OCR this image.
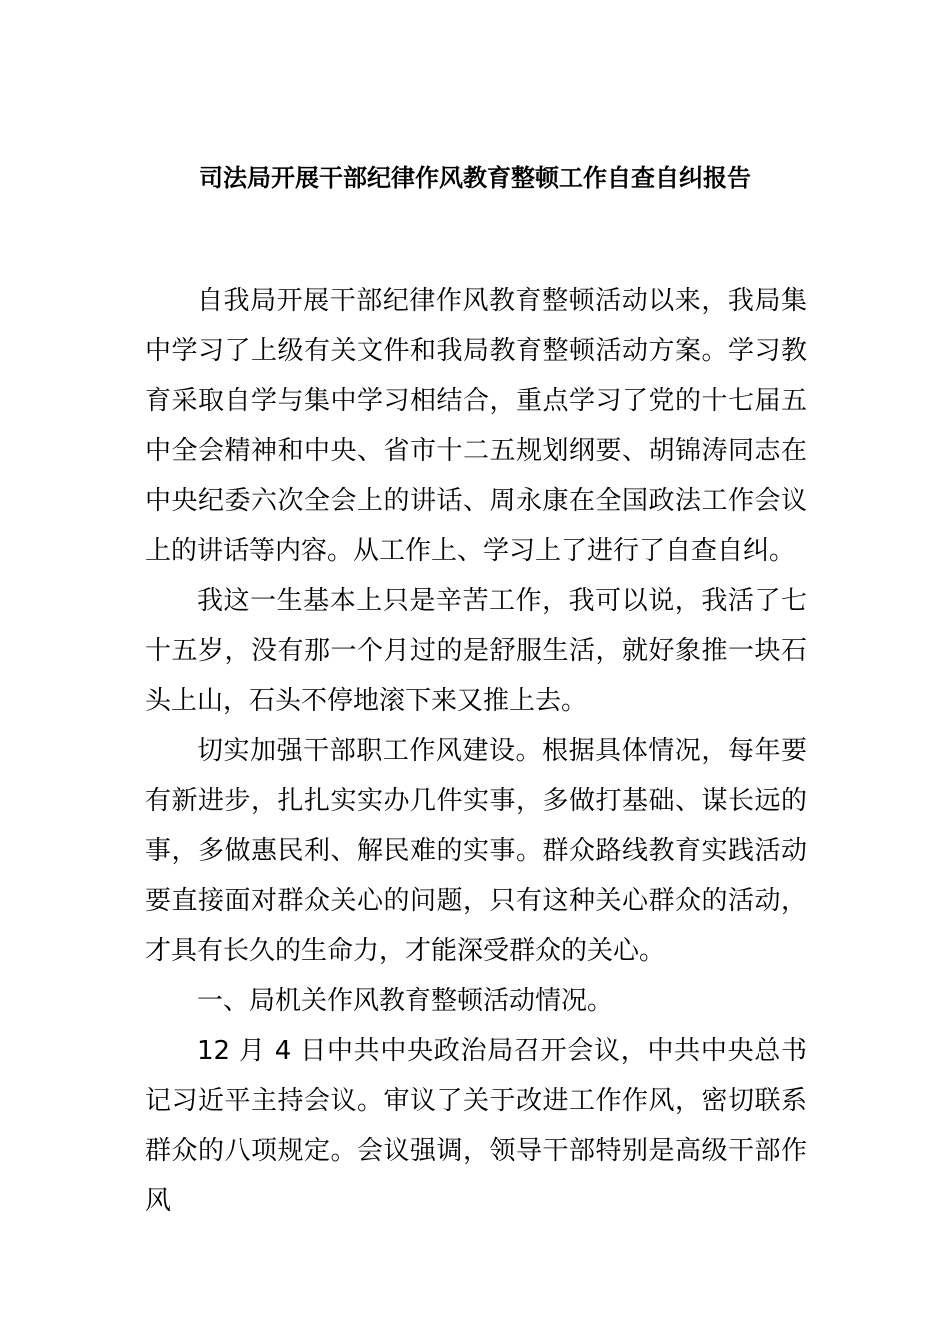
司法局开展干部纪律作风教育整顿工作自查自纠报告

自我局开展干部纪律作风教育整顿活动以来，我局集中学习了上级有关文件和我局教育整顿活动方案。学习教育采取自学与集中学习相结合，重点学习了党的十七届五中全会精神和中央、省市十二五规划纲要、胡锦涛同志在中央纪委六次全会上的讲话、周永康在全国政法工作会议上的讲话等内容。从工作上、学习上了进行了自查自纠。

我这一生基本上只是辛苦工作，我可以说，我活了七十五岁，没有那一个月过的是舒服生活，就好象推一块石头上山，石头不停地滚下来又推上去。

切实加强干部职工作风建设。根据具体情况，每年要有新进步，扎扎实实办几件实事，多做打基础、谋长远的事，多做惠民利、解民难的实事。群众路线教育实践活动要直接面对群众关心的问题，只有这种关心群众的活动，才具有长久的生命力，才能深受群众的关心。

一、局机关作风教育整顿活动情况。

12 月 4 日中共中央政治局召开会议，中共中央总书记习近平主持会议。审议了关于改进工作作风，密切联系群众的八项规定。会议强调，领导干部特别是高级干部作风
